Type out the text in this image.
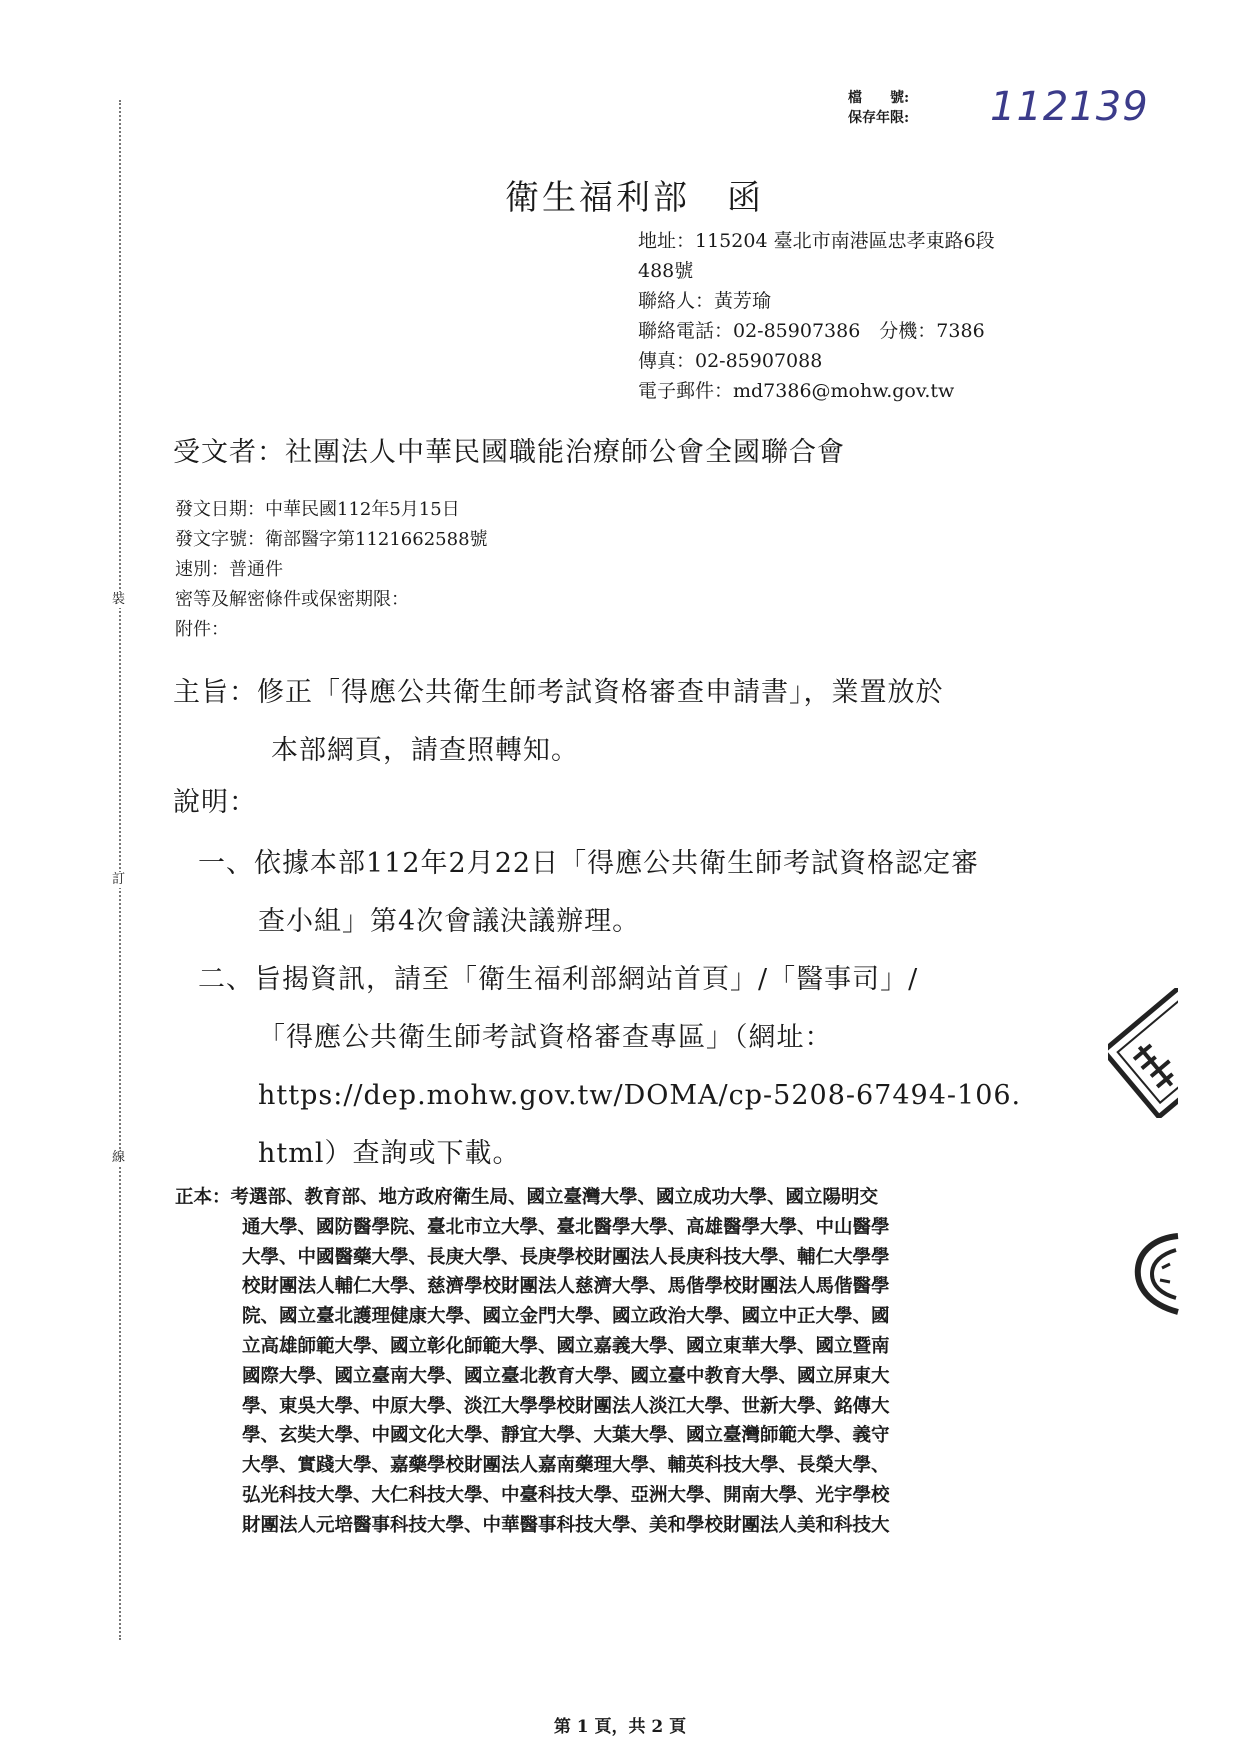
裝
訂
線
檔　　號:
保存年限: 112139
衛生福利部　函
地址：115204 臺北市南港區忠孝東路6段
488號
聯絡人：黃芳瑜
聯絡電話：02-85907386　分機：7386
傳真：02-85907088
電子郵件：md7386@mohw.gov.tw
受文者：社團法人中華民國職能治療師公會全國聯合會
發文日期：中華民國112年5月15日
發文字號：衛部醫字第1121662588號
速別：普通件
密等及解密條件或保密期限：
附件：
主旨：修正「得應公共衛生師考試資格審查申請書」，業置放於
本部網頁，請查照轉知。
說明：
一、依據本部112年2月22日「得應公共衛生師考試資格認定審
查小組」第4次會議決議辦理。
二、旨揭資訊，請至「衛生福利部網站首頁」/「醫事司」/
「得應公共衛生師考試資格審查專區」（網址：
https://dep.mohw.gov.tw/DOMA/cp-5208-67494-106.
html）查詢或下載。
正本：考選部、教育部、地方政府衛生局、國立臺灣大學、國立成功大學、國立陽明交
通大學、國防醫學院、臺北市立大學、臺北醫學大學、高雄醫學大學、中山醫學
大學、中國醫藥大學、長庚大學、長庚學校財團法人長庚科技大學、輔仁大學學
校財團法人輔仁大學、慈濟學校財團法人慈濟大學、馬偕學校財團法人馬偕醫學
院、國立臺北護理健康大學、國立金門大學、國立政治大學、國立中正大學、國
立高雄師範大學、國立彰化師範大學、國立嘉義大學、國立東華大學、國立暨南
國際大學、國立臺南大學、國立臺北教育大學、國立臺中教育大學、國立屏東大
學、東吳大學、中原大學、淡江大學學校財團法人淡江大學、世新大學、銘傳大
學、玄奘大學、中國文化大學、靜宜大學、大葉大學、國立臺灣師範大學、義守
大學、實踐大學、嘉藥學校財團法人嘉南藥理大學、輔英科技大學、長榮大學、
弘光科技大學、大仁科技大學、中臺科技大學、亞洲大學、開南大學、光宇學校
財團法人元培醫事科技大學、中華醫事科技大學、美和學校財團法人美和科技大
第 1 頁，共 2 頁
